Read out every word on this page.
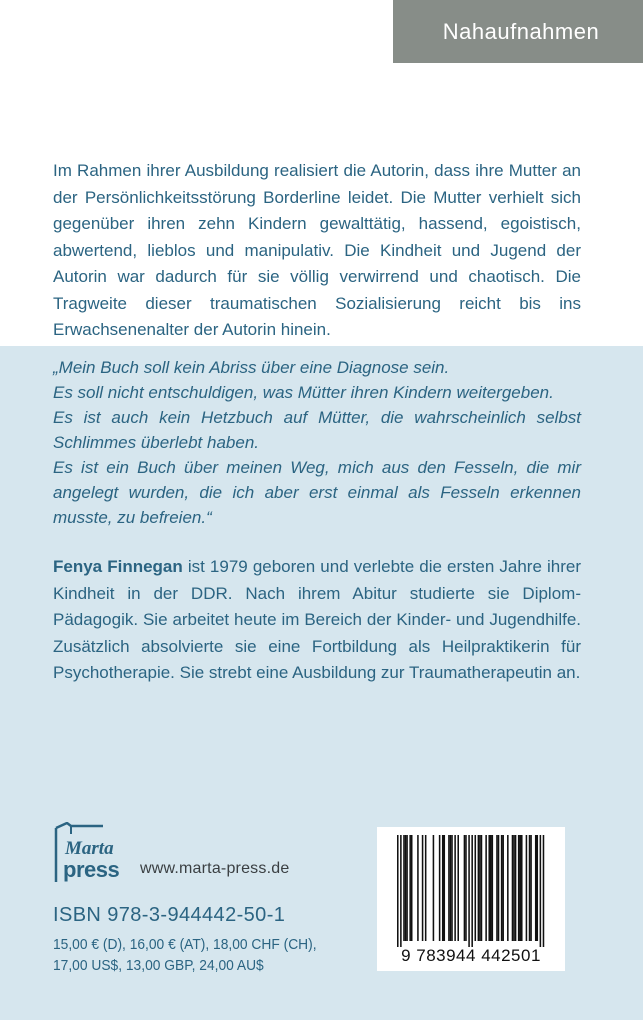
Nahaufnahmen

Im Rahmen ihrer Ausbildung realisiert die Autorin, dass ihre Mutter an der Persönlichkeitsstörung Borderline leidet. Die Mutter verhielt sich gegenüber ihren zehn Kindern gewalttätig, hassend, egoistisch, abwertend, lieblos und manipulativ. Die Kindheit und Jugend der Autorin war dadurch für sie völlig verwirrend und chaotisch. Die Tragweite dieser traumatischen Sozialisierung reicht bis ins Erwachsenenalter der Autorin hinein.

„Mein Buch soll kein Abriss über eine Diagnose sein.

Es soll nicht entschuldigen, was Mütter ihren Kindern weitergeben.

Es ist auch kein Hetzbuch auf Mütter, die wahrscheinlich selbst Schlimmes überlebt haben.

Es ist ein Buch über meinen Weg, mich aus den Fesseln, die mir angelegt wurden, die ich aber erst einmal als Fesseln erkennen musste, zu befreien.“

Fenya Finnegan ist 1979 geboren und verlebte die ersten Jahre ihrer Kindheit in der DDR. Nach ihrem Abitur studierte sie Diplom-Pädagogik. Sie arbeitet heute im Bereich der Kinder- und Jugendhilfe. Zusätzlich absolvierte sie eine Fortbildung als Heilpraktikerin für Psychotherapie. Sie strebt eine Ausbildung zur Traumatherapeutin an.
Marta
press www.marta-press.de
ISBN 978-3-944442-50-1
15,00 € (D), 16,00 € (AT), 18,00 CHF (CH),
17,00 US$, 13,00 GBP, 24,00 AU$
9 783944 442501
